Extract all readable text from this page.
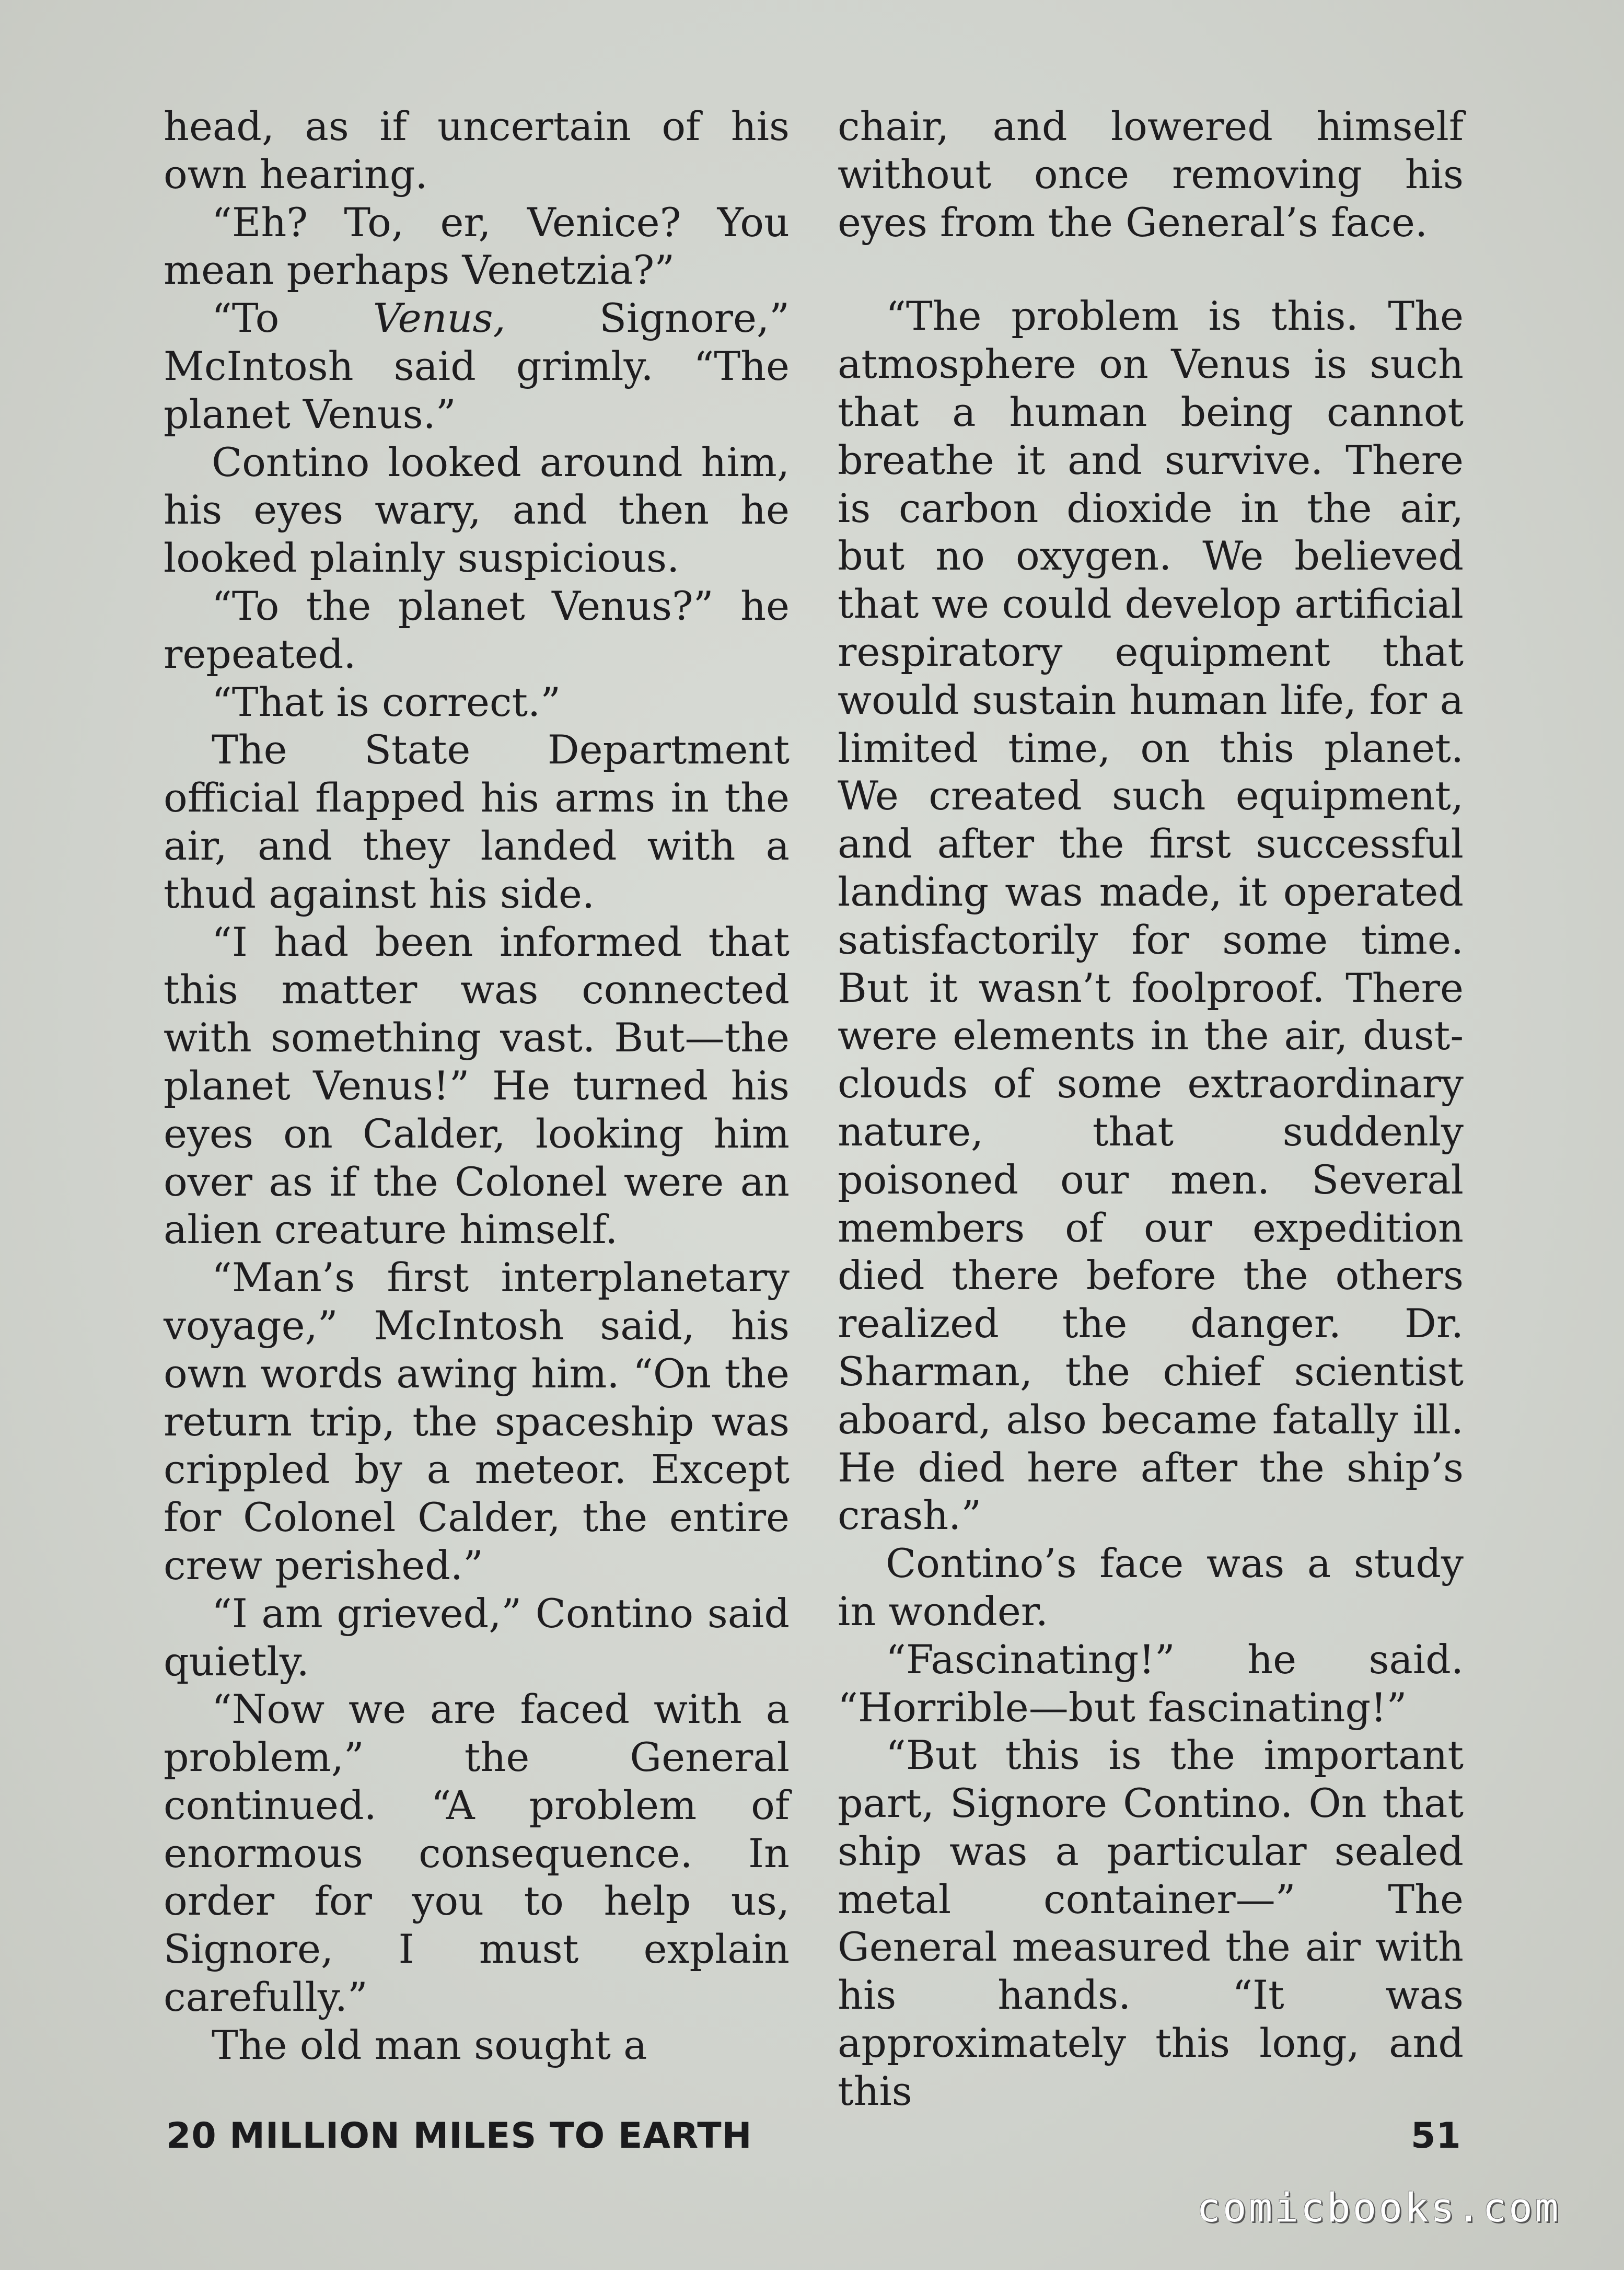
head, as if uncertain of his own hearing.

“Eh? To, er, Venice? You mean perhaps Venetzia?”

“To Venus, Signore,” McIntosh said grimly. “The planet Venus.”

Contino looked around him, his eyes wary, and then he looked plainly suspicious.

“To the planet Venus?” he repeated.

“That is correct.”

The State Department official flapped his arms in the air, and they landed with a thud against his side.

“I had been informed that this matter was connected with something vast. But—the planet Venus!” He turned his eyes on Calder, looking him over as if the Colonel were an alien creature himself.

“Man’s first interplanetary voyage,” McIntosh said, his own words awing him. “On the return trip, the spaceship was crippled by a meteor. Except for Colonel Calder, the entire crew perished.”

“I am grieved,” Contino said quietly.

“Now we are faced with a problem,” the General continued. “A problem of enormous consequence. In order for you to help us, Signore, I must explain carefully.”

The old man sought a

chair, and lowered himself without once removing his eyes from the General’s face.

“The problem is this. The atmosphere on Venus is such that a human being cannot breathe it and survive. There is carbon dioxide in the air, but no oxygen. We believed that we could develop artificial respiratory equipment that would sustain human life, for a limited time, on this planet. We created such equipment, and after the first successful landing was made, it operated satisfactorily for some time. But it wasn’t foolproof. There were elements in the air, dust-clouds of some extraordinary nature, that suddenly poisoned our men. Several members of our expedition died there before the others realized the danger. Dr. Sharman, the chief scientist aboard, also became fatally ill. He died here after the ship’s crash.”

Contino’s face was a study in wonder.

“Fascinating!” he said. “Horrible—but fascinating!”

“But this is the important part, Signore Contino. On that ship was a particular sealed metal container—” The General measured the air with his hands. “It was approximately this long, and this

20 MILLION MILES TO EARTH	51
comicbooks.com
